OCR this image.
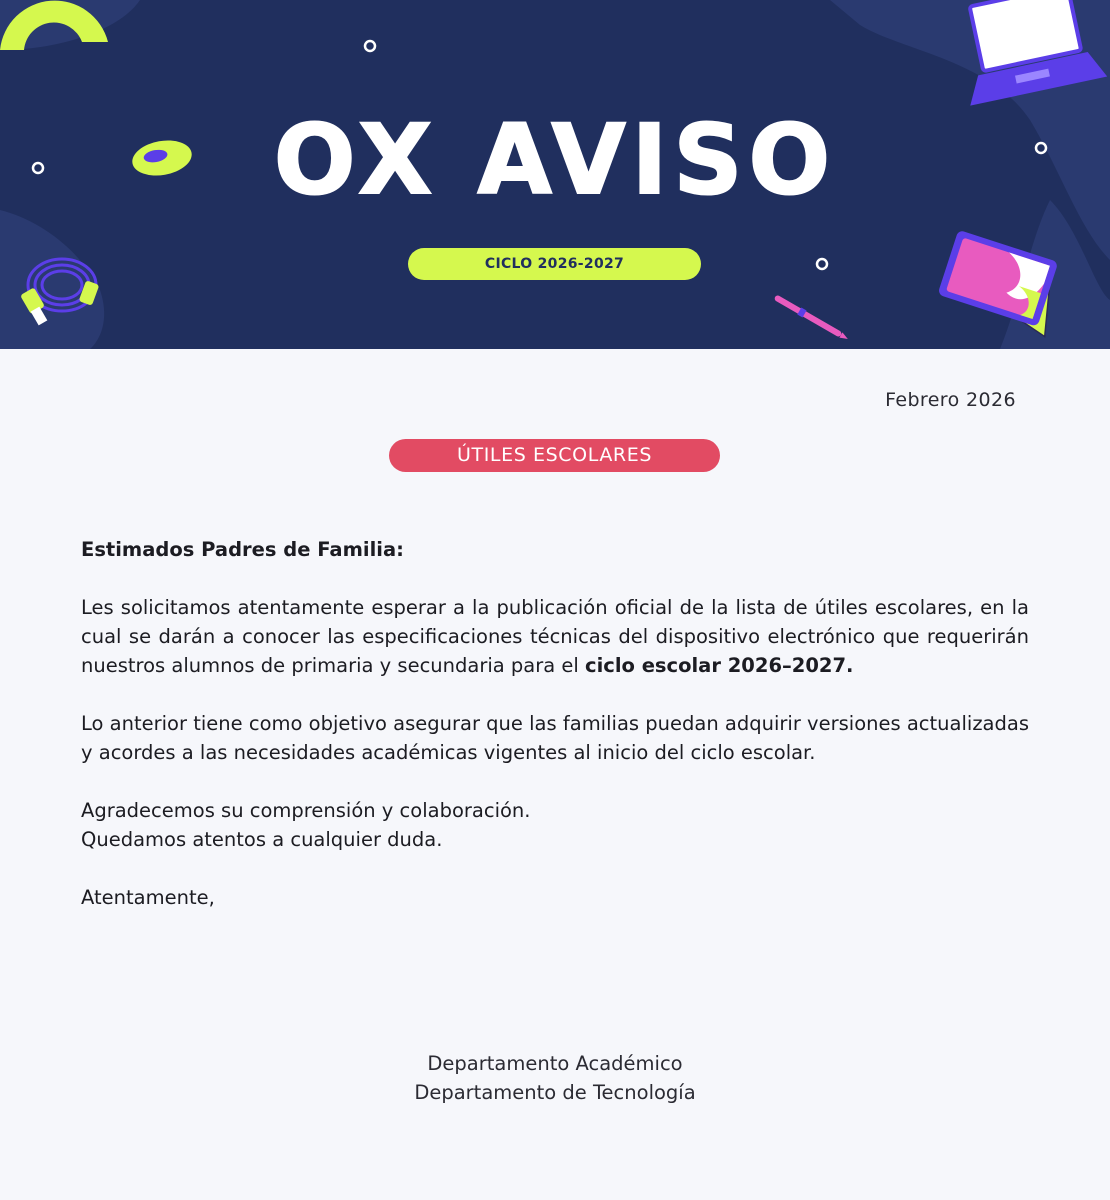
OX AVISO
CICLO 2026-2027
Febrero 2026
ÚTILES ESCOLARES

Estimados Padres de Familia:

Les solicitamos atentamente esperar a la publicación oficial de la lista de útiles escolares, en la cual se darán a conocer las especificaciones técnicas del dispositivo electrónico que requerirán nuestros alumnos de primaria y secundaria para el ciclo escolar 2026–2027.

Lo anterior tiene como objetivo asegurar que las familias puedan adquirir versiones actualizadas y acordes a las necesidades académicas vigentes al inicio del ciclo escolar.

Agradecemos su comprensión y colaboración.
Quedamos atentos a cualquier duda.

Atentamente,

Departamento Académico
Departamento de Tecnología
